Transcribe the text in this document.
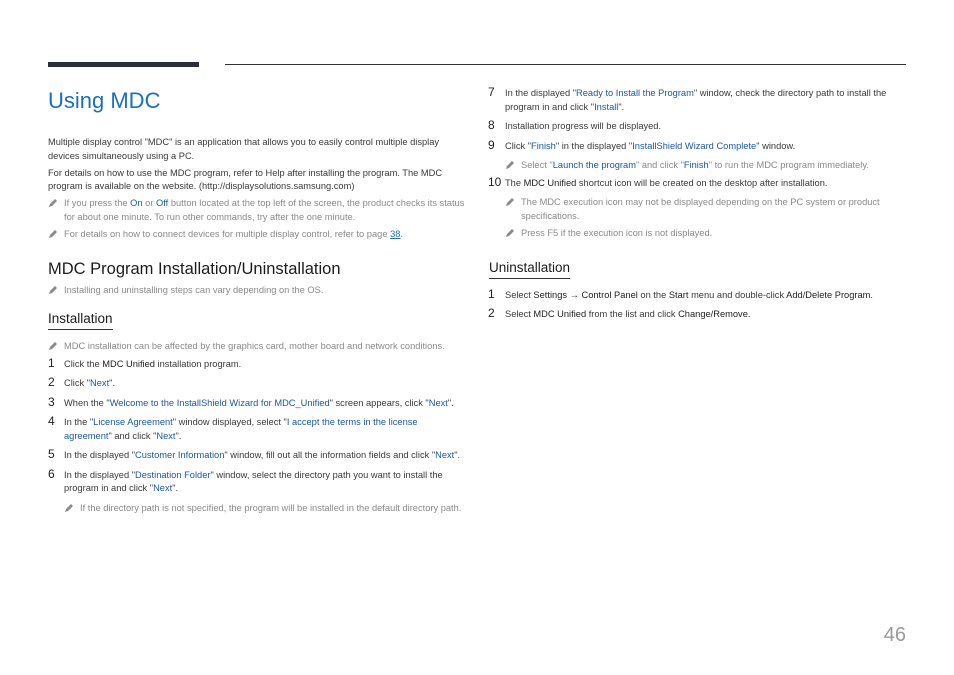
Using MDC

Multiple display control "MDC" is an application that allows you to easily control multiple display devices simultaneously using a PC.

For details on how to use the MDC program, refer to Help after installing the program. The MDC program is available on the website. (http://displaysolutions.samsung.com)

If you press the On or Off button located at the top left of the screen, the product checks its status for about one minute. To run other commands, try after the one minute.
For details on how to connect devices for multiple display control, refer to page 38.
MDC Program Installation/Uninstallation
Installing and uninstalling steps can vary depending on the OS.
Installation
MDC installation can be affected by the graphics card, mother board and network conditions.
1 Click the MDC Unified installation program.
2 Click "Next".
3 When the "Welcome to the InstallShield Wizard for MDC_Unified" screen appears, click "Next".
4 In the "License Agreement" window displayed, select "I accept the terms in the license agreement" and click "Next".
5 In the displayed "Customer Information" window, fill out all the information fields and click "Next".
6 In the displayed "Destination Folder" window, select the directory path you want to install the program in and click "Next".
If the directory path is not specified, the program will be installed in the default directory path.
7 In the displayed "Ready to Install the Program" window, check the directory path to install the program in and click "Install".
8 Installation progress will be displayed.
9 Click "Finish" in the displayed "InstallShield Wizard Complete" window.
Select "Launch the program" and click "Finish" to run the MDC program immediately.
10 The MDC Unified shortcut icon will be created on the desktop after installation.
The MDC execution icon may not be displayed depending on the PC system or product specifications.
Press F5 if the execution icon is not displayed.
Uninstallation
1 Select Settings → Control Panel on the Start menu and double-click Add/Delete Program.
2 Select MDC Unified from the list and click Change/Remove.
46
